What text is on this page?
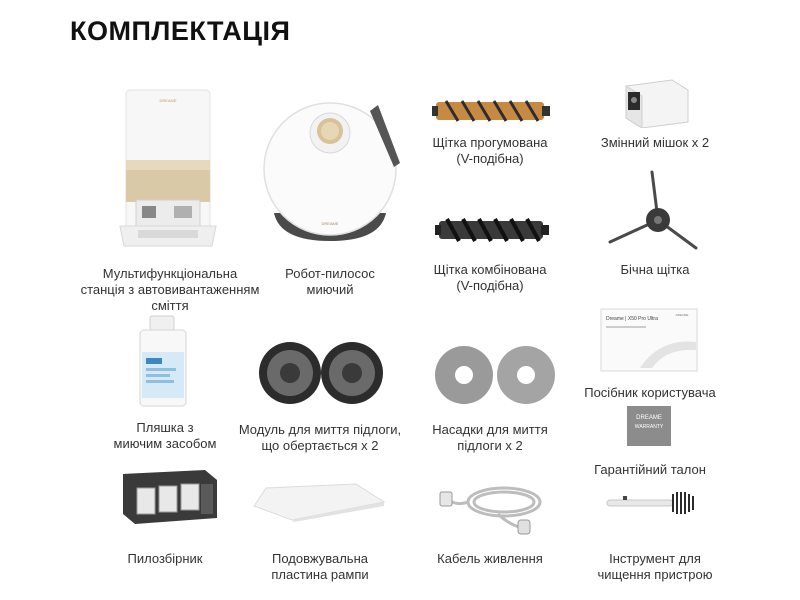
КОМПЛЕКТАЦІЯ
DREAME
Мультифункціональна
станція з автовивантаженням
сміття
DREAME
Робот-пилосос
миючий
Щітка прогумована
(V-подібна)
Змінний мішок x 2
Щітка комбінована
(V-подібна)
Бічна щітка
Пляшка з
миючим засобом
Модуль для миття підлоги,
що обертається x 2
Насадки для миття
підлоги x 2
Dreame | X50 Pro Ultra
DREAME
Посібник користувача
DREAME
WARRANTY
Гарантійний талон
Пилозбірник	Подовжувальна
пластина рампи
Кабель живлення	Інструмент для
чищення пристрою
